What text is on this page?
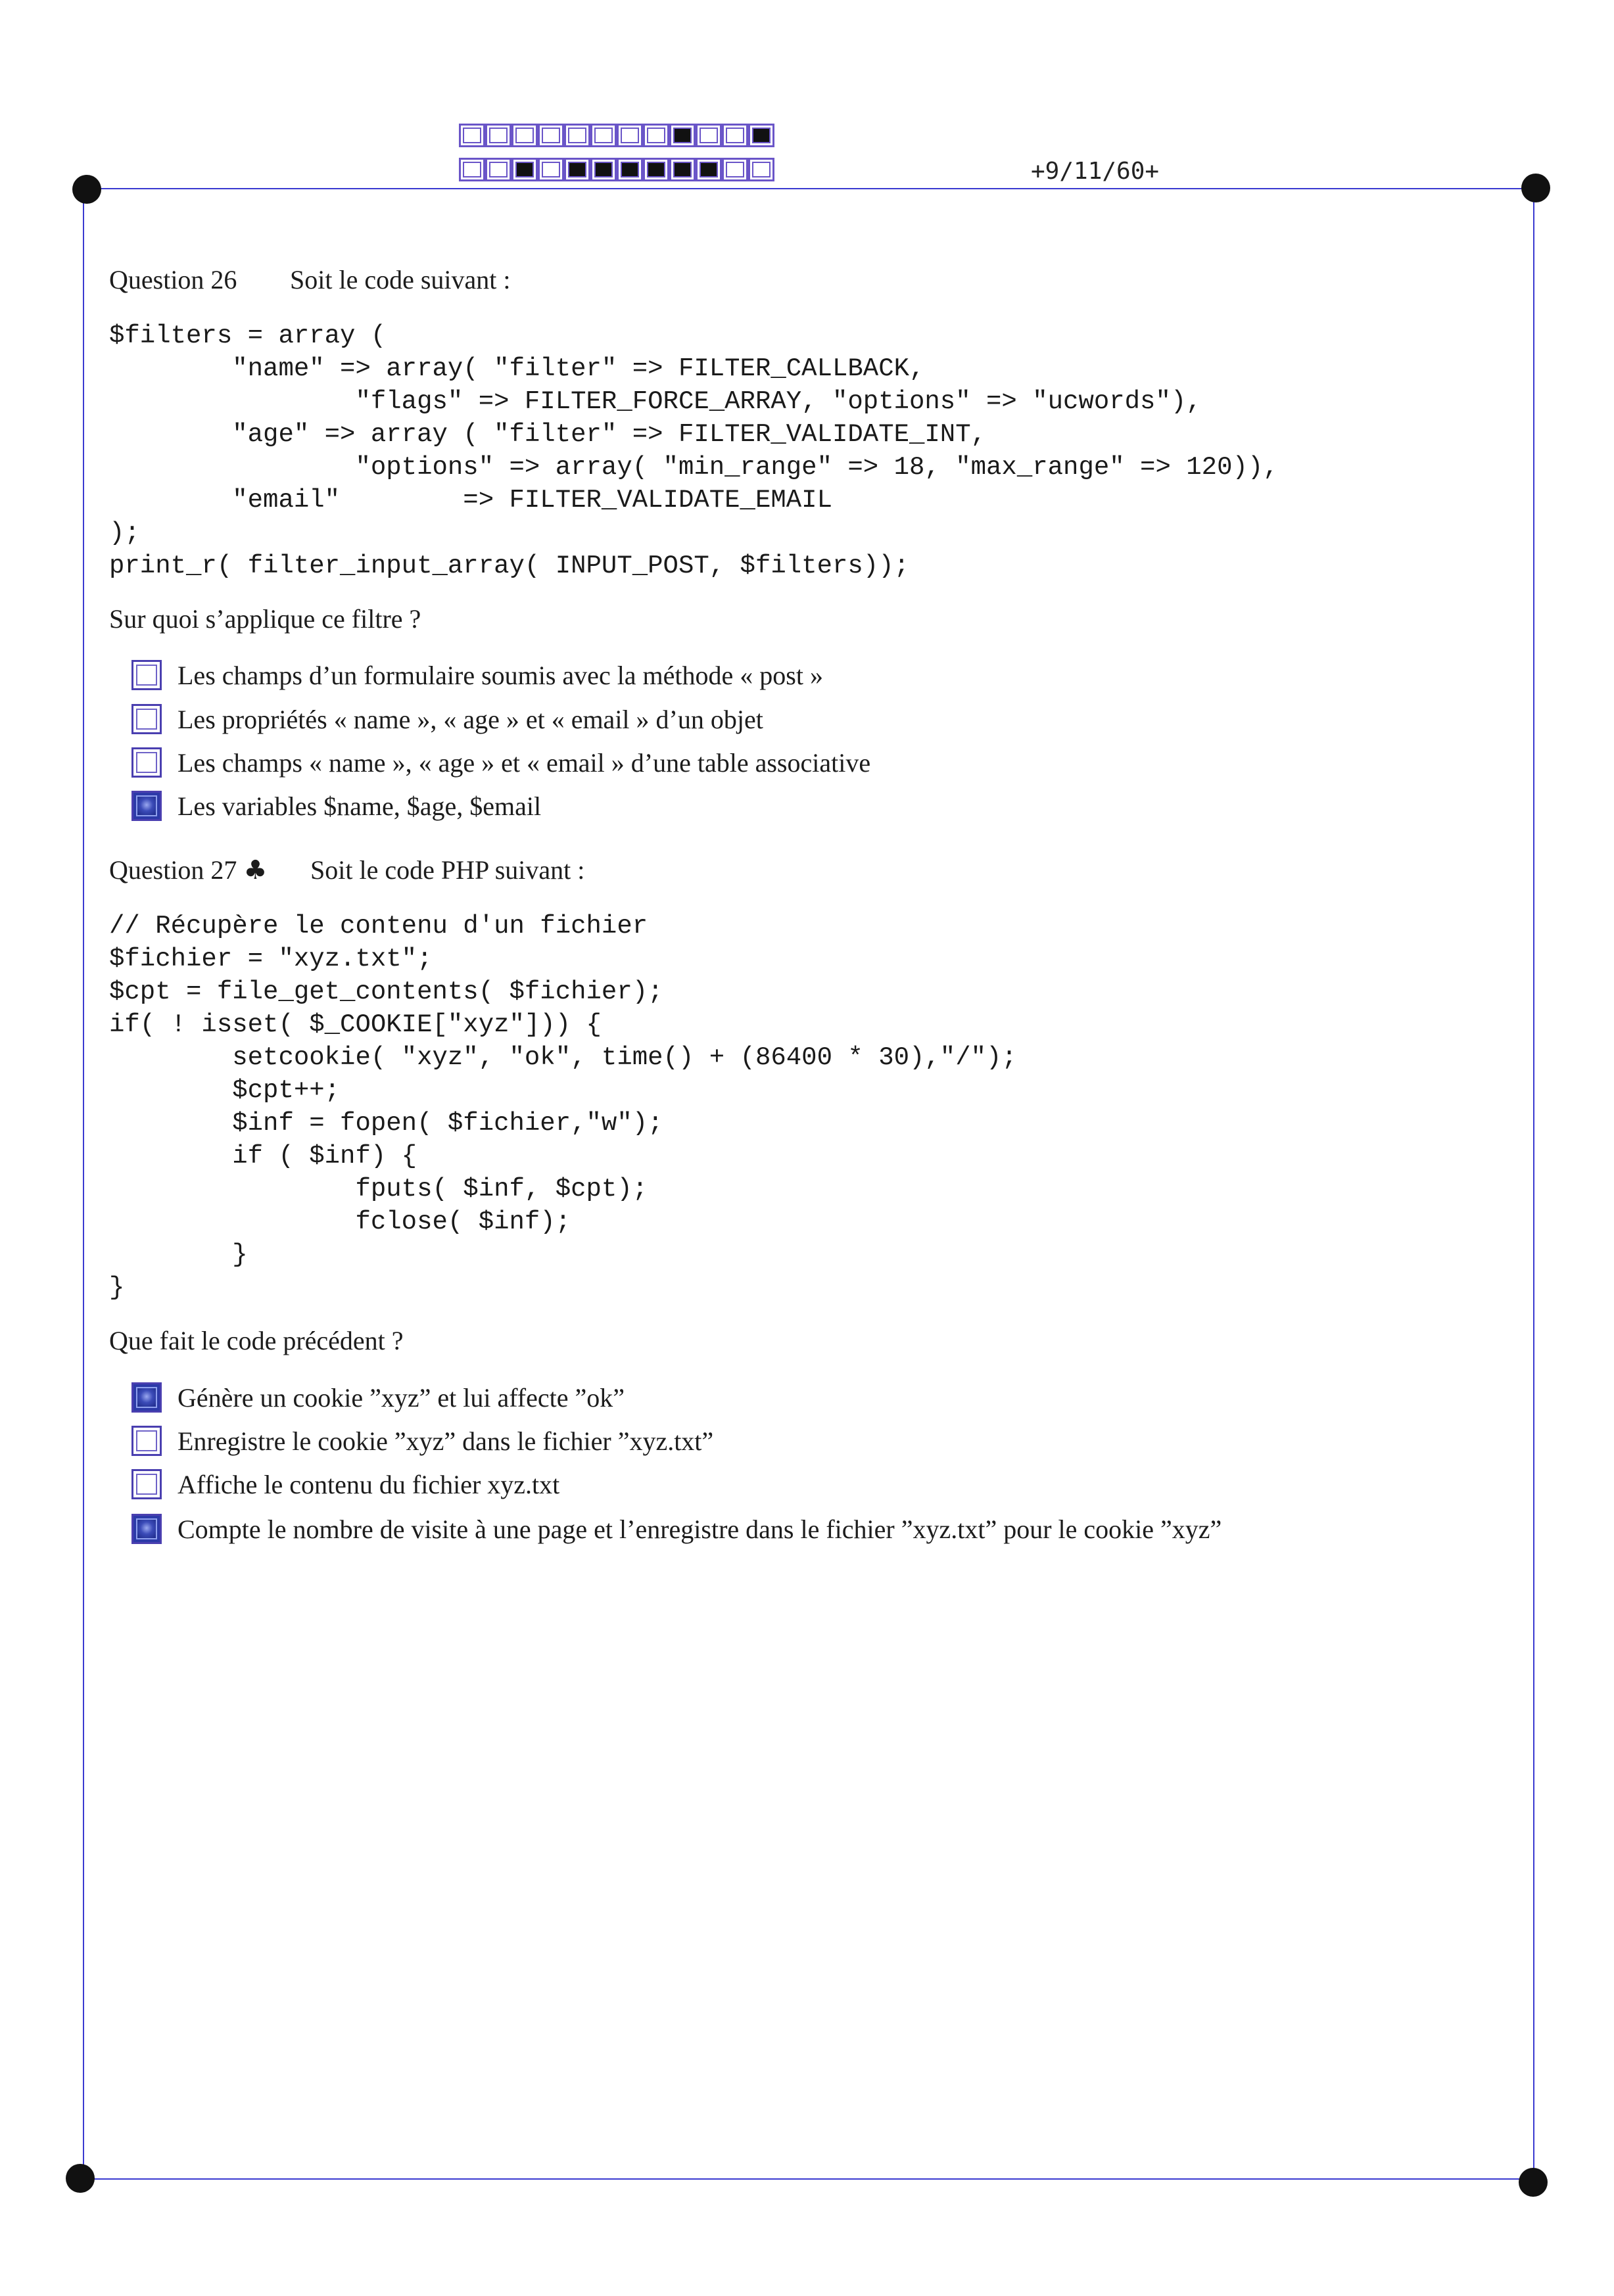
+9/11/60+
Question 26 Soit le code suivant :
$filters = array (
"name" => array( "filter" => FILTER_CALLBACK,
"flags" => FILTER_FORCE_ARRAY, "options" => "ucwords"),
"age" => array ( "filter" => FILTER_VALIDATE_INT,
"options" => array( "min_range" => 18, "max_range" => 120)),
"email"        => FILTER_VALIDATE_EMAIL
);
print_r( filter_input_array( INPUT_POST, $filters));
Sur quoi s’applique ce filtre ?
Les champs d’un formulaire soumis avec la méthode « post »
Les propriétés « name », « age » et « email » d’un objet
Les champs « name », « age » et « email » d’une table associative
Les variables $name, $age, $email
Question 27 ♣ Soit le code PHP suivant :
// Récupère le contenu d'un fichier
$fichier = "xyz.txt";
$cpt = file_get_contents( $fichier);
if( ! isset( $_COOKIE["xyz"])) {
setcookie( "xyz", "ok", time() + (86400 * 30),"/");
$cpt++;
$inf = fopen( $fichier,"w");
if ( $inf) {
fputs( $inf, $cpt);
fclose( $inf);
}
}
Que fait le code précédent ?
Génère un cookie ”xyz” et lui affecte ”ok”
Enregistre le cookie ”xyz” dans le fichier ”xyz.txt”
Affiche le contenu du fichier xyz.txt
Compte le nombre de visite à une page et l’enregistre dans le fichier ”xyz.txt” pour le cookie ”xyz”
